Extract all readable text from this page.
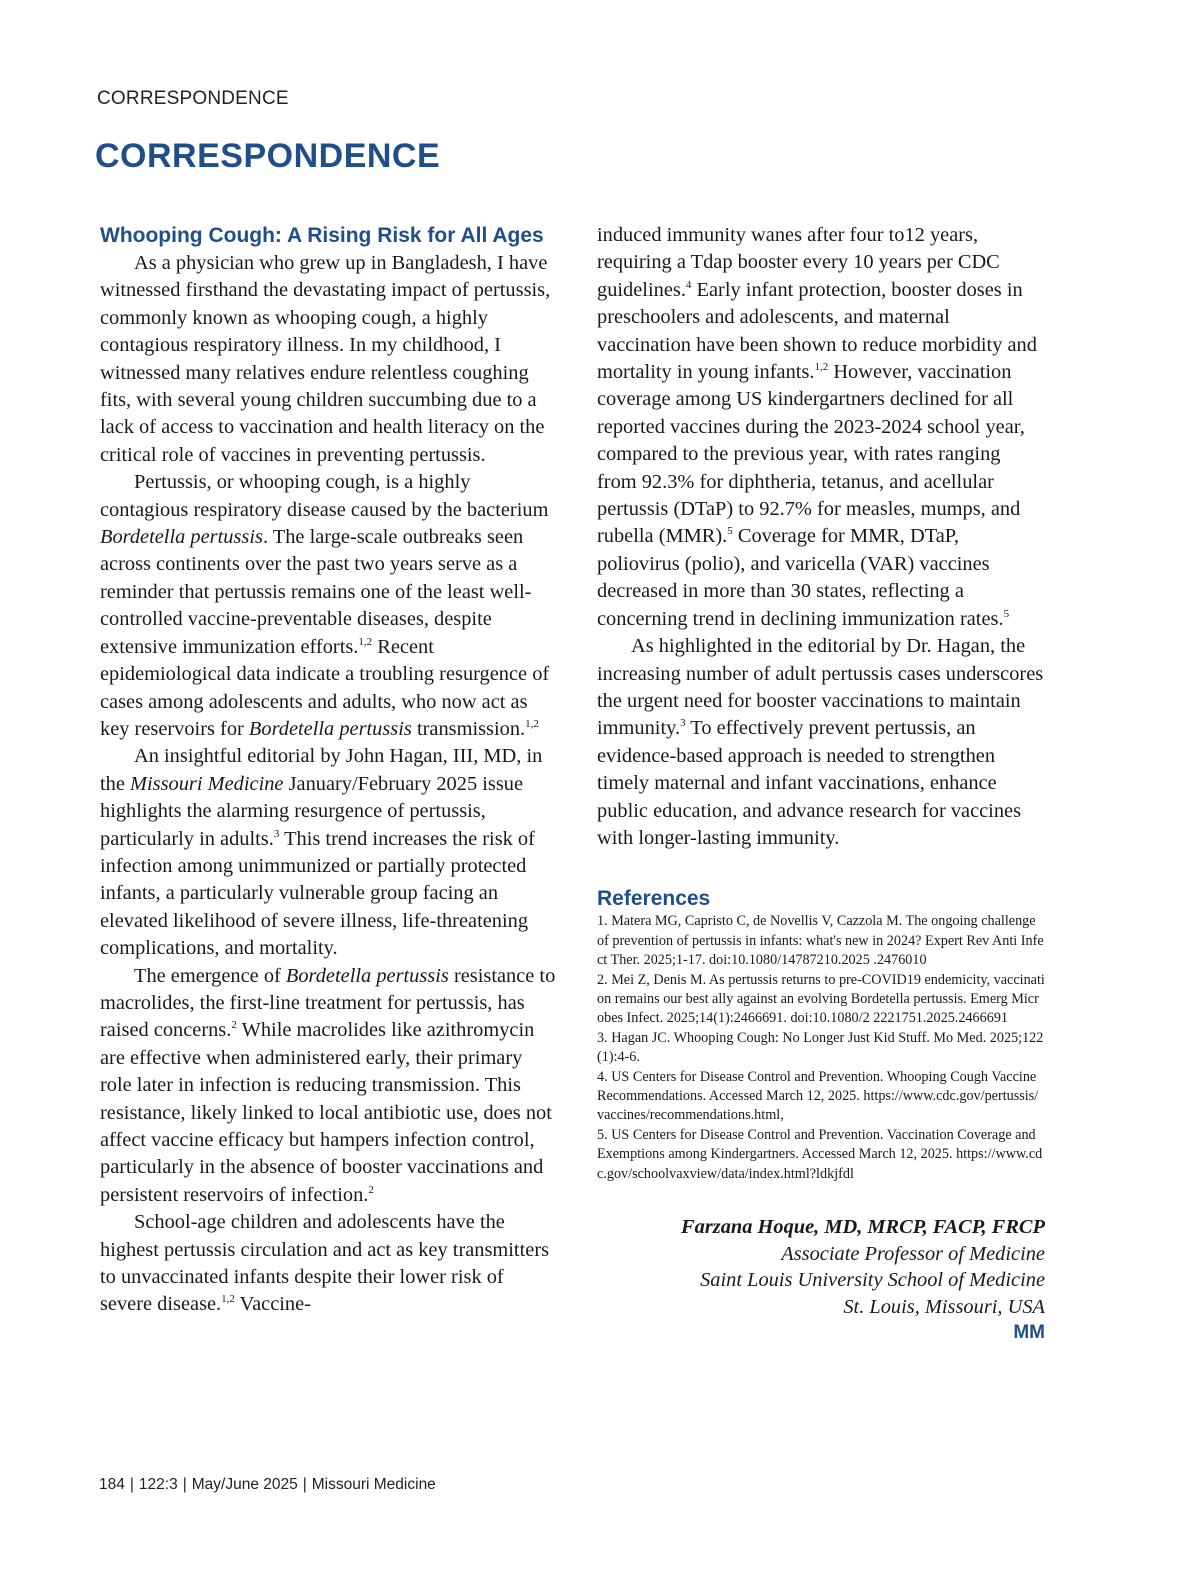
CORRESPONDENCE
CORRESPONDENCE
Whooping Cough: A Rising Risk for All Ages

As a physician who grew up in Bangladesh, I have witnessed firsthand the devastating impact of pertussis, commonly known as whooping cough, a highly contagious respiratory illness. In my childhood, I witnessed many relatives endure relentless coughing fits, with several young children succumbing due to a lack of access to vaccination and health literacy on the critical role of vaccines in preventing pertussis.

Pertussis, or whooping cough, is a highly contagious respiratory disease caused by the bacterium Bordetella pertussis. The large-scale outbreaks seen across continents over the past two years serve as a reminder that pertussis remains one of the least well-controlled vaccine-preventable diseases, despite extensive immunization efforts.$^{1,2}$ Recent epidemiological data indicate a troubling resurgence of cases among adolescents and adults, who now act as key reservoirs for Bordetella pertussis transmission.$^{1,2}$

An insightful editorial by John Hagan, III, MD, in the Missouri Medicine January/February 2025 issue highlights the alarming resurgence of pertussis, particularly in adults.$^3$ This trend increases the risk of infection among unimmunized or partially protected infants, a particularly vulnerable group facing an elevated likelihood of severe illness, life-threatening complications, and mortality.

The emergence of Bordetella pertussis resistance to macrolides, the first-line treatment for pertussis, has raised concerns.$^2$ While macrolides like azithromycin are effective when administered early, their primary role later in infection is reducing transmission. This resistance, likely linked to local antibiotic use, does not affect vaccine efficacy but hampers infection control, particularly in the absence of booster vaccinations and persistent reservoirs of infection.$^2$

School-age children and adolescents have the highest pertussis circulation and act as key transmitters to unvaccinated infants despite their lower risk of severe disease.$^{1,2}$ Vaccine-

induced immunity wanes after four to12 years, requiring a Tdap booster every 10 years per CDC guidelines.$^4$ Early infant protection, booster doses in preschoolers and adolescents, and maternal vaccination have been shown to reduce morbidity and mortality in young infants.$^{1,2}$ However, vaccination coverage among US kindergartners declined for all reported vaccines during the 2023-2024 school year, compared to the previous year, with rates ranging from 92.3% for diphtheria, tetanus, and acellular pertussis (DTaP) to 92.7% for measles, mumps, and rubella (MMR).$^5$ Coverage for MMR, DTaP, poliovirus (polio), and varicella (VAR) vaccines decreased in more than 30 states, reflecting a concerning trend in declining immunization rates.$^5$

As highlighted in the editorial by Dr. Hagan, the increasing number of adult pertussis cases underscores the urgent need for booster vaccinations to maintain immunity.$^3$ To effectively prevent pertussis, an evidence-based approach is needed to strengthen timely maternal and infant vaccinations, enhance public education, and advance research for vaccines with longer-lasting immunity.

References
1. Matera MG, Capristo C, de Novellis V, Cazzola M. The ongoing challenge of prevention of pertussis in infants: what's new in 2024? Expert Rev Anti Infect Ther. 2025;1-17. doi:10.1080/14787210.2025 .2476010
2. Mei Z, Denis M. As pertussis returns to pre-COVID19 endemicity, vaccination remains our best ally against an evolving Bordetella pertussis. Emerg Microbes Infect. 2025;14(1):2466691. doi:10.1080/2 2221751.2025.2466691
3. Hagan JC. Whooping Cough: No Longer Just Kid Stuff. Mo Med. 2025;122(1):4-6.
4. US Centers for Disease Control and Prevention. Whooping Cough Vaccine Recommendations. Accessed March 12, 2025. https://www.cdc.gov/pertussis/vaccines/recommendations.html,
5. US Centers for Disease Control and Prevention. Vaccination Coverage and Exemptions among Kindergartners. Accessed March 12, 2025. https://www.cdc.gov/schoolvaxview/data/index.html?ldkjfdl
Farzana Hoque, MD, MRCP, FACP, FRCP
Associate Professor of Medicine
Saint Louis University School of Medicine
St. Louis, Missouri, USA
MM
184 | 122:3 | May/June 2025 | Missouri Medicine
